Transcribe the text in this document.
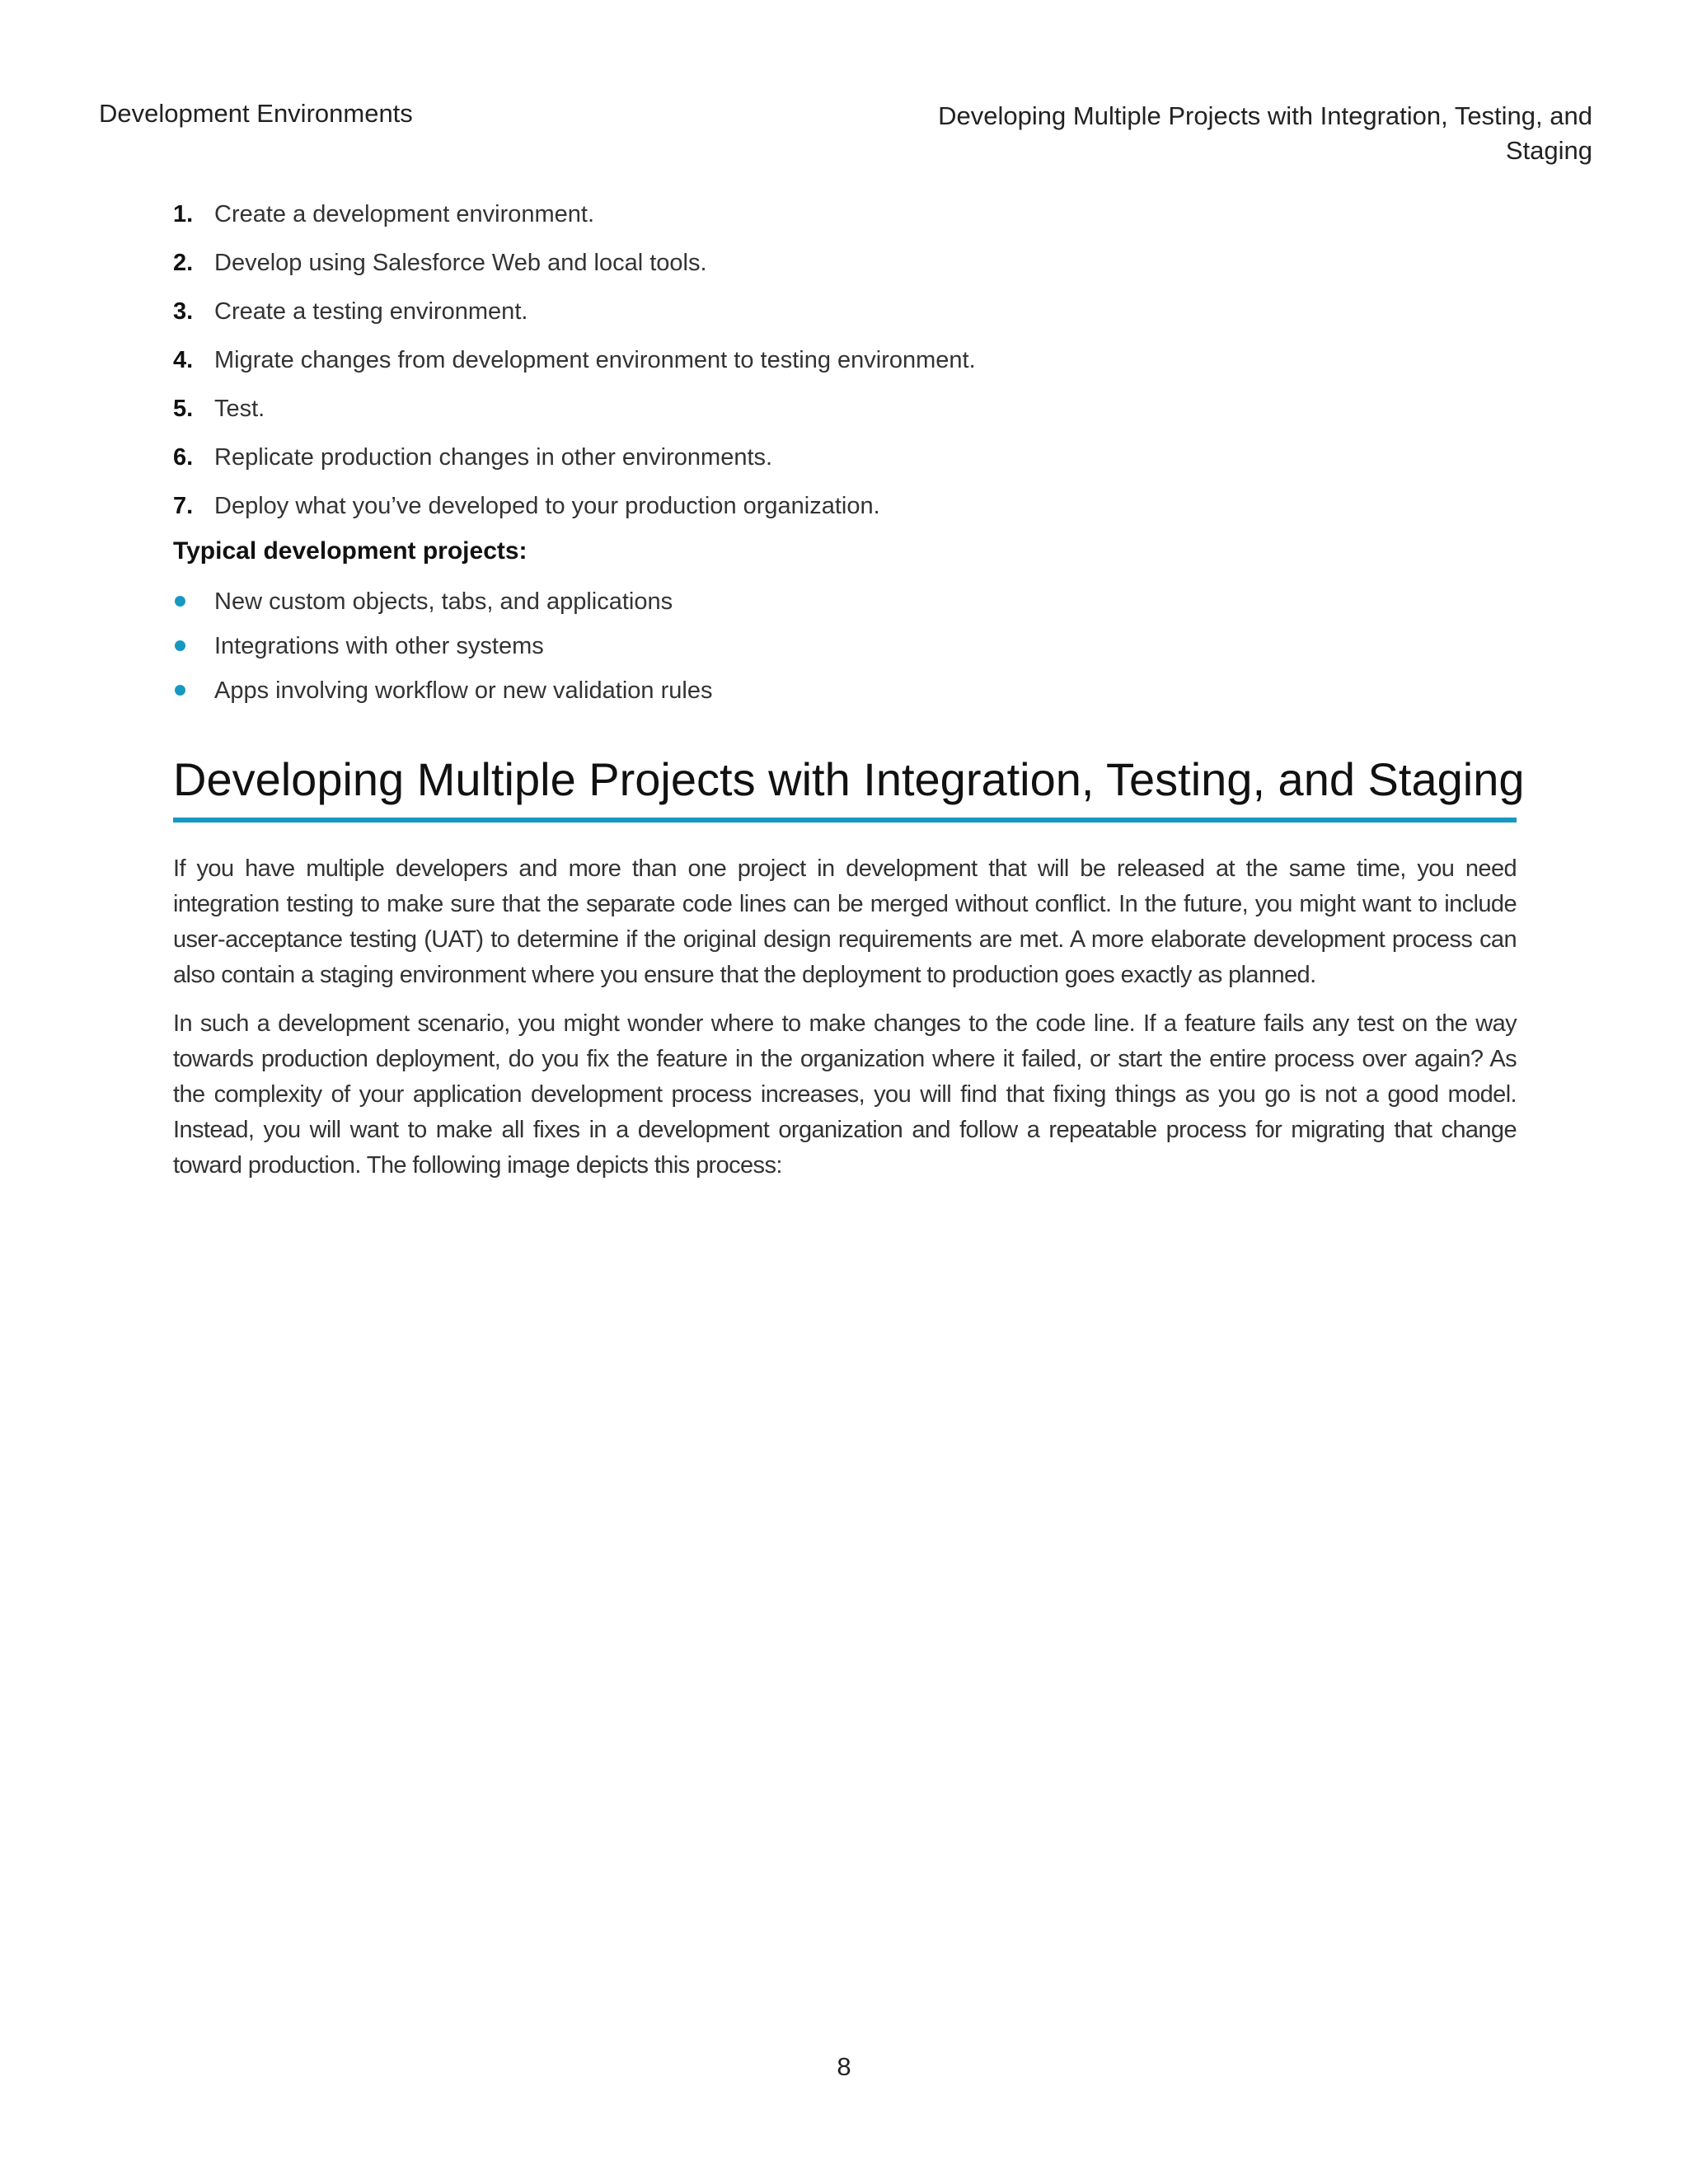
Development Environments	Developing Multiple Projects with Integration, Testing, and Staging
1. Create a development environment.
2. Develop using Salesforce Web and local tools.
3. Create a testing environment.
4. Migrate changes from development environment to testing environment.
5. Test.
6. Replicate production changes in other environments.
7. Deploy what you’ve developed to your production organization.
Typical development projects:
New custom objects, tabs, and applications
Integrations with other systems
Apps involving workflow or new validation rules
Developing Multiple Projects with Integration, Testing, and Staging

If you have multiple developers and more than one project in development that will be released at the same time, you need integration testing to make sure that the separate code lines can be merged without conflict. In the future, you might want to include user-acceptance testing (UAT) to determine if the original design requirements are met. A more elaborate development process can also contain a staging environment where you ensure that the deployment to production goes exactly as planned.

In such a development scenario, you might wonder where to make changes to the code line. If a feature fails any test on the way towards production deployment, do you fix the feature in the organization where it failed, or start the entire process over again? As the complexity of your application development process increases, you will find that fixing things as you go is not a good model. Instead, you will want to make all fixes in a development organization and follow a repeatable process for migrating that change toward production. The following image depicts this process:

8
